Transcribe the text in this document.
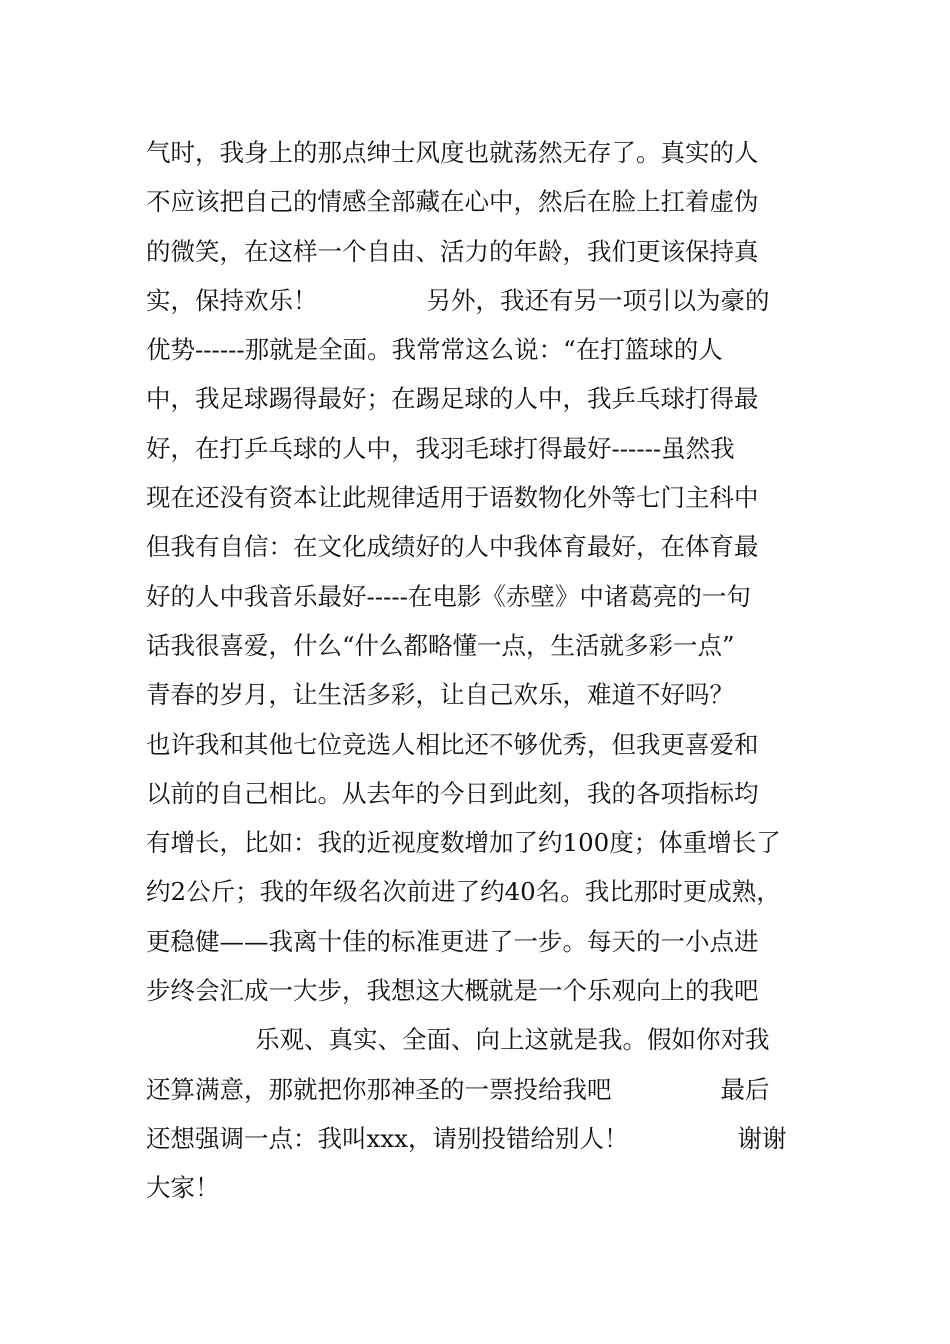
气时，我身上的那点绅士风度也就荡然无存了。真实的人
不应该把自己的情感全部藏在心中，然后在脸上扛着虚伪
的微笑，在这样一个自由、活力的年龄，我们更该保持真
实，保持欢乐！              另外，我还有另一项引以为豪的
优势------那就是全面。我常常这么说：“在打篮球的人
中，我足球踢得最好；在踢足球的人中，我乒乓球打得最
好，在打乒乓球的人中，我羽毛球打得最好------虽然我
现在还没有资本让此规律适用于语数物化外等七门主科中
但我有自信：在文化成绩好的人中我体育最好，在体育最
好的人中我音乐最好-----在电影《赤壁》中诸葛亮的一句
话我很喜爱，什么“什么都略懂一点，生活就多彩一点”
青春的岁月，让生活多彩，让自己欢乐，难道不好吗？
也许我和其他七位竞选人相比还不够优秀，但我更喜爱和
以前的自己相比。从去年的今日到此刻，我的各项指标均
有增长，比如：我的近视度数增加了约100度；体重增长了
约2公斤；我的年级名次前进了约40名。我比那时更成熟，
更稳健——我离十佳的标准更进了一步。每天的一小点进
步终会汇成一大步，我想这大概就是一个乐观向上的我吧
乐观、真实、全面、向上这就是我。假如你对我
还算满意，那就把你那神圣的一票投给我吧              最后
还想强调一点：我叫xxx，请别投错给别人！              谢谢
大家！
